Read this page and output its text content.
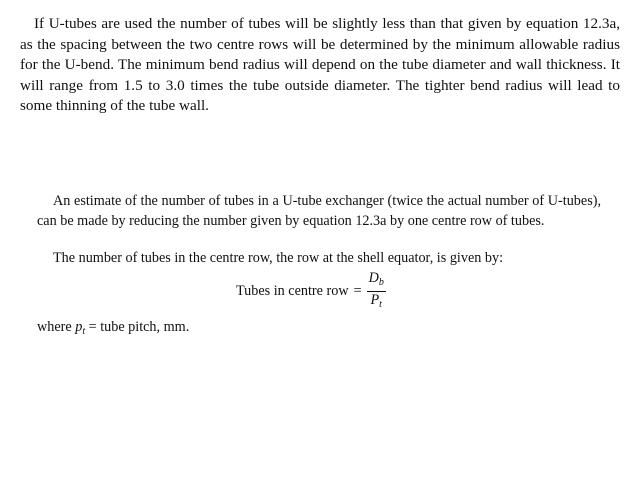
If U-tubes are used the number of tubes will be slightly less than that given by equation 12.3a, as the spacing between the two centre rows will be determined by the minimum allowable radius for the U-bend. The minimum bend radius will depend on the tube diameter and wall thickness. It will range from 1.5 to 3.0 times the tube outside diameter. The tighter bend radius will lead to some thinning of the tube wall.

An estimate of the number of tubes in a U-tube exchanger (twice the actual number of U-tubes), can be made by reducing the number given by equation 12.3a by one centre row of tubes.

The number of tubes in the centre row, the row at the shell equator, is given by:

Tubes in centre row = $\frac{D_b}{P_t}$
where $p_t$ = tube pitch, mm.
